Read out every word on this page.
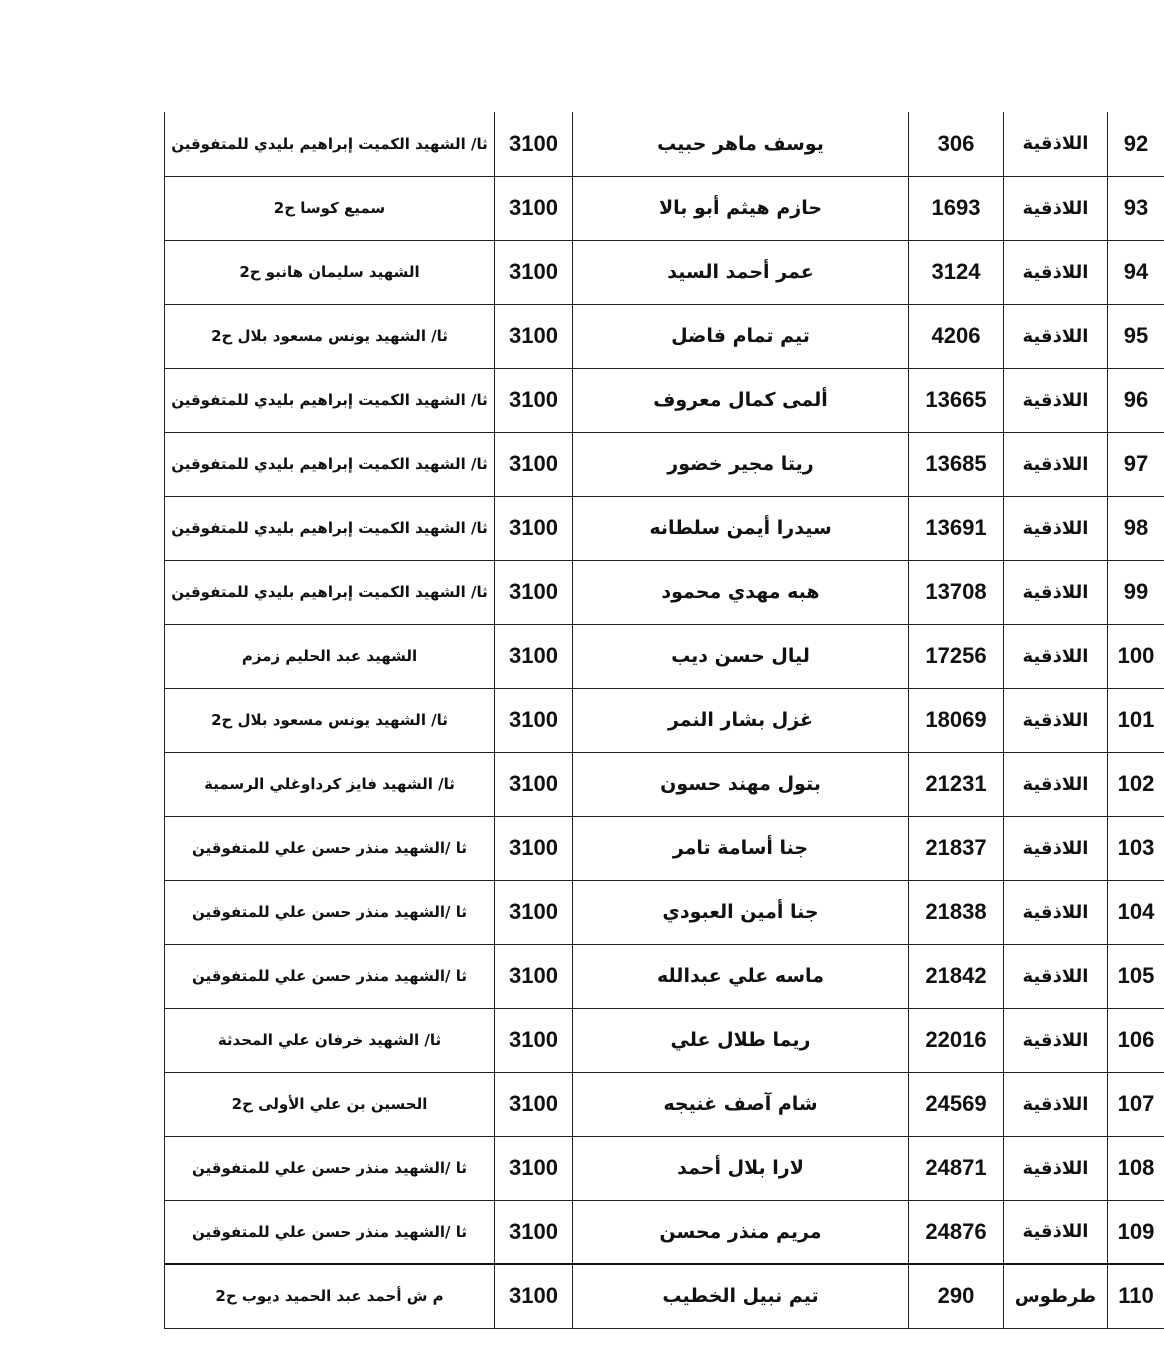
92	اللاذقية	306	يوسف ماهر حبيب	3100	ثا/ الشهيد الكميت إبراهيم بليدي للمتفوقين
93	اللاذقية	1693	حازم هيثم أبو بالا	3100	سميع كوسا ح2
94	اللاذقية	3124	عمر أحمد السيد	3100	الشهيد سليمان هانبو ح2
95	اللاذقية	4206	تيم تمام فاضل	3100	ثا/ الشهيد يونس مسعود بلال ح2
96	اللاذقية	13665	ألمى كمال معروف	3100	ثا/ الشهيد الكميت إبراهيم بليدي للمتفوقين
97	اللاذقية	13685	ريتا مجير خضور	3100	ثا/ الشهيد الكميت إبراهيم بليدي للمتفوقين
98	اللاذقية	13691	سيدرا أيمن سلطانه	3100	ثا/ الشهيد الكميت إبراهيم بليدي للمتفوقين
99	اللاذقية	13708	هبه مهدي محمود	3100	ثا/ الشهيد الكميت إبراهيم بليدي للمتفوقين
100	اللاذقية	17256	ليال حسن ديب	3100	الشهيد عبد الحليم زمزم
101	اللاذقية	18069	غزل بشار النمر	3100	ثا/ الشهيد يونس مسعود بلال ح2
102	اللاذقية	21231	بتول مهند حسون	3100	ثا/ الشهيد فايز كرداوغلي الرسمية
103	اللاذقية	21837	جنا أسامة تامر	3100	ثا /الشهيد منذر حسن علي للمتفوقين
104	اللاذقية	21838	جنا أمين العبودي	3100	ثا /الشهيد منذر حسن علي للمتفوقين
105	اللاذقية	21842	ماسه علي عبدالله	3100	ثا /الشهيد منذر حسن علي للمتفوقين
106	اللاذقية	22016	ريما طلال علي	3100	ثا/ الشهيد خرفان علي المحدثة
107	اللاذقية	24569	شام آصف غنيجه	3100	الحسين بن علي الأولى ح2
108	اللاذقية	24871	لارا بلال أحمد	3100	ثا /الشهيد منذر حسن علي للمتفوقين
109	اللاذقية	24876	مريم منذر محسن	3100	ثا /الشهيد منذر حسن علي للمتفوقين
110	طرطوس	290	تيم نبيل الخطيب	3100	م ش أحمد عبد الحميد ديوب ح2
